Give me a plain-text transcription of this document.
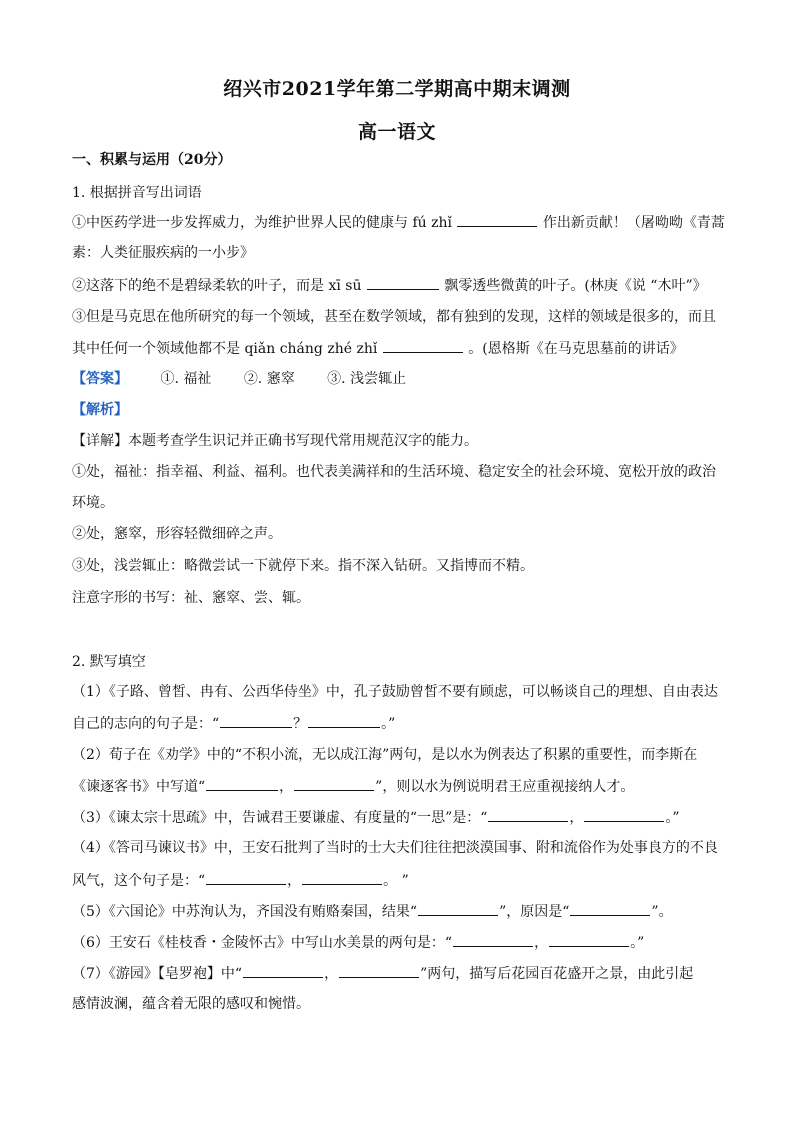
绍兴市2021学年第二学期高中期末调测
高一语文
一、积累与运用（20分）
1. 根据拼音写出词语
①中医药学进一步发挥威力，为维护世界人民的健康与 fú zhǐ	作出新贡献！（屠呦呦《青蒿
素：人类征服疾病的一小步》
②这落下的绝不是碧绿柔软的叶子，而是 xī sū	飘零透些微黄的叶子。(林庚《说 “木叶”》
③但是马克思在他所研究的每一个领域，甚至在数学领域，都有独到的发现，这样的领域是很多的，而且
其中任何一个领域他都不是 qiǎn cháng zhé zhǐ	。(恩格斯《在马克思墓前的讲话》
【答案】 ①. 福祉 ②. 窸窣 ③. 浅尝辄止
【解析】
【详解】本题考查学生识记并正确书写现代常用规范汉字的能力。
①处，福祉：指幸福、利益、福利。也代表美满祥和的生活环境、稳定安全的社会环境、宽松开放的政治
环境。
②处，窸窣，形容轻微细碎之声。
③处，浅尝辄止：略微尝试一下就停下来。指不深入钻研。又指博而不精。
注意字形的书写：祉、窸窣、尝、辄。
2. 默写填空
（1）《子路、曾皙、冉有、公西华侍坐》中，孔子鼓励曾皙不要有顾虑，可以畅谈自己的理想、自由表达
自己的志向的句子是：“	？	。”
（2）荀子在《劝学》中的“不积小流，无以成江海”两句，是以水为例表达了积累的重要性，而李斯在
《谏逐客书》中写道“	，	”，则以水为例说明君王应重视接纳人才。
（3）《谏太宗十思疏》中，告诫君王要谦虚、有度量的“一思”是：“	，	。”
（4）《答司马谏议书》中，王安石批判了当时的士大夫们往往把淡漠国事、附和流俗作为处事良方的不良
风气，这个句子是：“	，	。 ”
（5）《六国论》中苏洵认为，齐国没有贿赂秦国，结果“	”，原因是“	”。
（6）王安石《桂枝香・金陵怀古》中写山水美景的两句是：“	，	。”
（7）《游园》【皂罗袍】中“	，	”两句，描写后花园百花盛开之景，由此引起
感情波澜，蕴含着无限的感叹和惋惜。
